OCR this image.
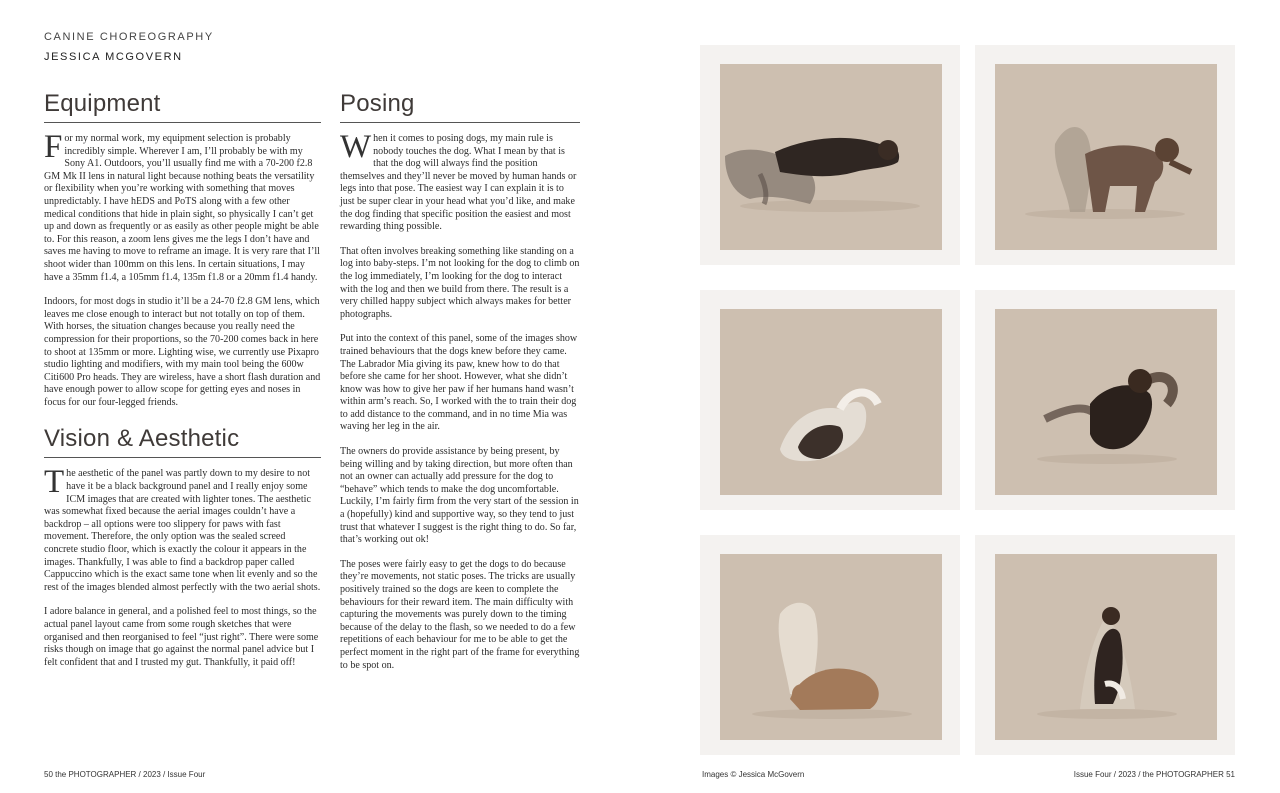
CANINE CHOREOGRAPHY
JESSICA MCGOVERN
Equipment

For my normal work, my equipment selection is probably incredibly simple. Wherever I am, I’ll probably be with my Sony A1. Outdoors, you’ll usually find me with a 70-200 f2.8 GM Mk II lens in natural light because nothing beats the versatility or flexibility when you’re working with something that moves unpredictably. I have hEDS and PoTS along with a few other medical conditions that hide in plain sight, so physically I can’t get up and down as frequently or as easily as other people might be able to. For this reason, a zoom lens gives me the legs I don’t have and saves me having to move to reframe an image. It is very rare that I’ll shoot wider than 100mm on this lens. In certain situations, I may have a 35mm f1.4, a 105mm f1.4, 135m f1.8 or a 20mm f1.4 handy.

Indoors, for most dogs in studio it’ll be a 24-70 f2.8 GM lens, which leaves me close enough to interact but not totally on top of them. With horses, the situation changes because you really need the compression for their proportions, so the 70-200 comes back in here to shoot at 135mm or more. Lighting wise, we currently use Pixapro studio lighting and modifiers, with my main tool being the 600w Citi600 Pro heads. They are wireless, have a short flash duration and have enough power to allow scope for getting eyes and noses in focus for our four-legged friends.

Vision & Aesthetic

The aesthetic of the panel was partly down to my desire to not have it be a black background panel and I really enjoy some ICM images that are created with lighter tones. The aesthetic was somewhat fixed because the aerial images couldn’t have a backdrop – all options were too slippery for paws with fast movement. Therefore, the only option was the sealed screed concrete studio floor, which is exactly the colour it appears in the images. Thankfully, I was able to find a backdrop paper called Cappuccino which is the exact same tone when lit evenly and so the rest of the images blended almost perfectly with the two aerial shots.

I adore balance in general, and a polished feel to most things, so the actual panel layout came from some rough sketches that were organised and then reorganised to feel “just right”. There were some risks though on image that go against the normal panel advice but I felt confident that and I trusted my gut. Thankfully, it paid off!

Posing

When it comes to posing dogs, my main rule is nobody touches the dog. What I mean by that is that the dog will always find the position themselves and they’ll never be moved by human hands or legs into that pose. The easiest way I can explain it is to just be super clear in your head what you’d like, and make the dog finding that specific position the easiest and most rewarding thing possible.

That often involves breaking something like standing on a log into baby-steps. I’m not looking for the dog to climb on the log immediately, I’m looking for the dog to interact with the log and then we build from there. The result is a very chilled happy subject which always makes for better photographs.

Put into the context of this panel, some of the images show trained behaviours that the dogs knew before they came. The Labrador Mia giving its paw, knew how to do that before she came for her shoot. However, what she didn’t know was how to give her paw if her humans hand wasn’t within arm’s reach. So, I worked with the to train their dog to add distance to the command, and in no time Mia was waving her leg in the air.

The owners do provide assistance by being present, by being willing and by taking direction, but more often than not an owner can actually add pressure for the dog to “behave” which tends to make the dog uncomfortable. Luckily, I’m fairly firm from the very start of the session in a (hopefully) kind and supportive way, so they tend to just trust that whatever I suggest is the right thing to do. So far, that’s working out ok!

The poses were fairly easy to get the dogs to do because they’re movements, not static poses. The tricks are usually positively trained so the dogs are keen to complete the behaviours for their reward item. The main difficulty with capturing the movements was purely down to the timing because of the delay to the flash, so we needed to do a few repetitions of each behaviour for me to be able to get the perfect moment in the right part of the frame for everything to be spot on.

50 the PHOTOGRAPHER / 2023 / Issue Four	Images © Jessica McGovern	Issue Four / 2023 / the PHOTOGRAPHER 51
